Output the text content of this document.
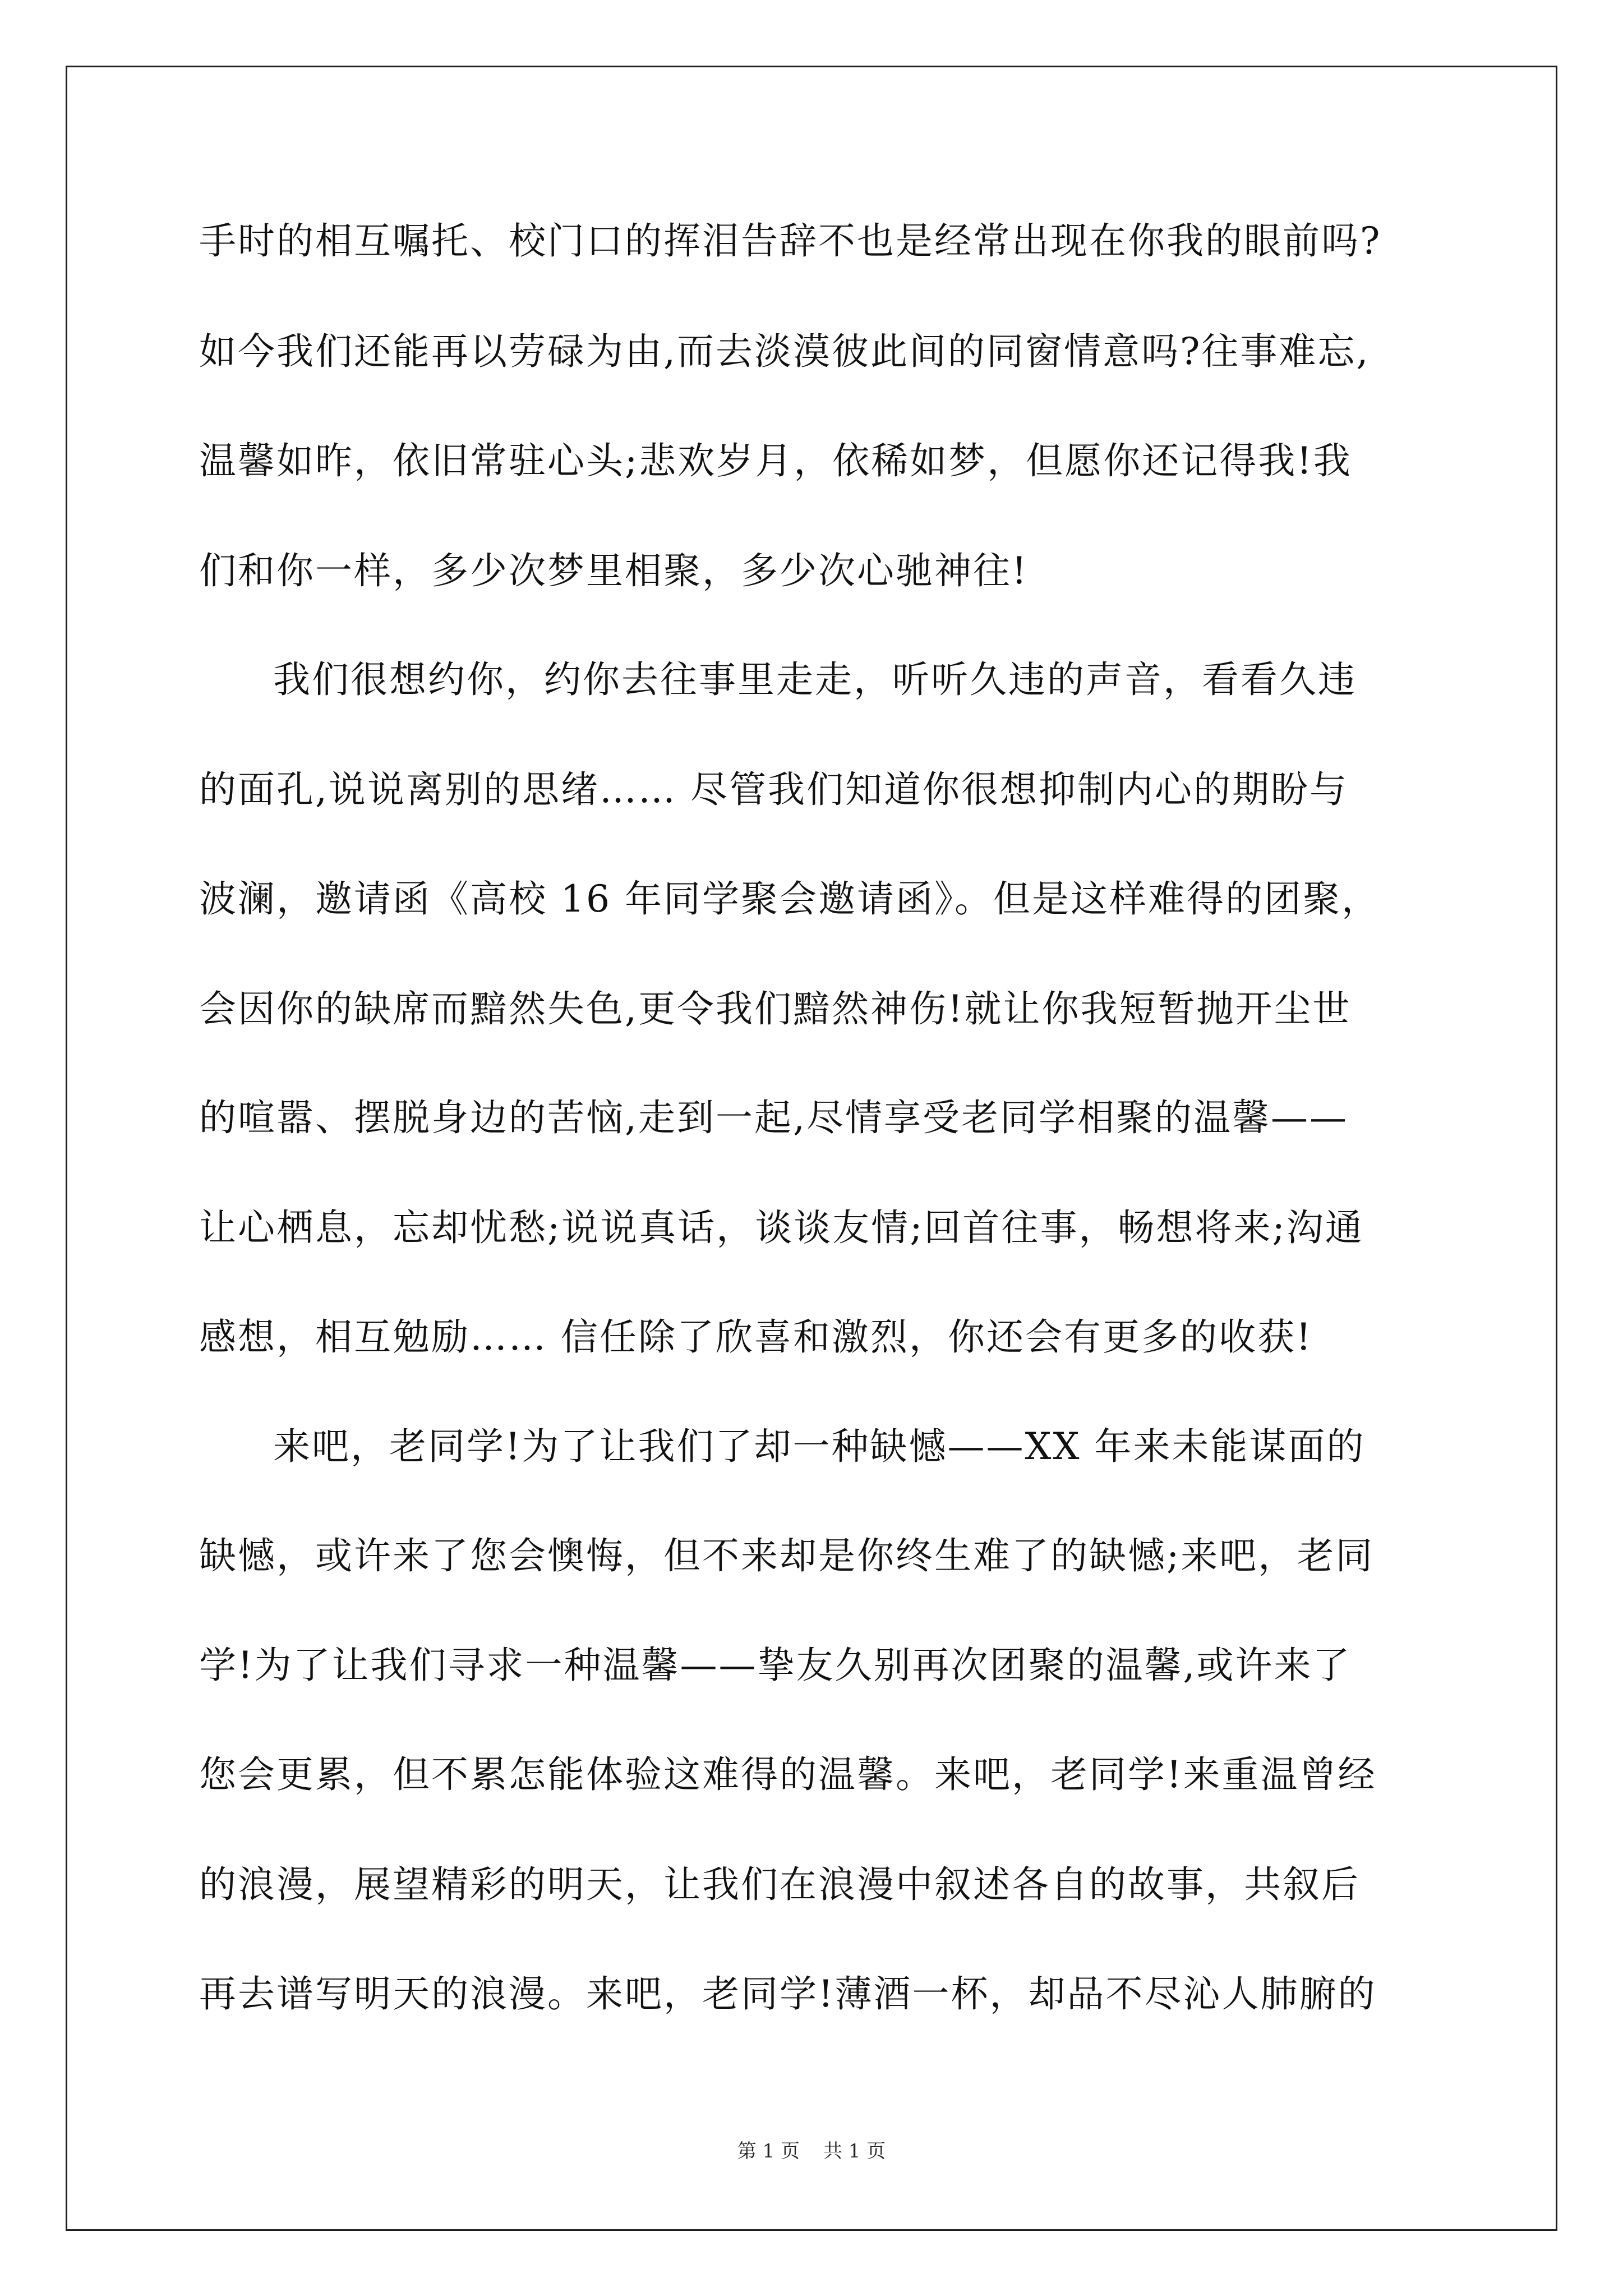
手时的相互嘱托、校门口的挥泪告辞不也是经常出现在你我的眼前吗?
如今我们还能再以劳碌为由,而去淡漠彼此间的同窗情意吗?往事难忘,
温馨如昨，依旧常驻心头;悲欢岁月，依稀如梦，但愿你还记得我!我
们和你一样，多少次梦里相聚，多少次心驰神往!
我们很想约你，约你去往事里走走，听听久违的声音，看看久违
的面孔,说说离别的思绪…… 尽管我们知道你很想抑制内心的期盼与
波澜，邀请函《高校 16 年同学聚会邀请函》。但是这样难得的团聚，
会因你的缺席而黯然失色,更令我们黯然神伤!就让你我短暂抛开尘世
的喧嚣、摆脱身边的苦恼,走到一起,尽情享受老同学相聚的温馨——
让心栖息，忘却忧愁;说说真话，谈谈友情;回首往事，畅想将来;沟通
感想，相互勉励…… 信任除了欣喜和激烈，你还会有更多的收获!
来吧，老同学!为了让我们了却一种缺憾——XX 年来未能谋面的
缺憾，或许来了您会懊悔，但不来却是你终生难了的缺憾;来吧，老同
学!为了让我们寻求一种温馨——挚友久别再次团聚的温馨,或许来了
您会更累，但不累怎能体验这难得的温馨。来吧，老同学!来重温曾经
的浪漫，展望精彩的明天，让我们在浪漫中叙述各自的故事，共叙后
再去谱写明天的浪漫。来吧，老同学!薄酒一杯，却品不尽沁人肺腑的
第 1 页 共 1 页
